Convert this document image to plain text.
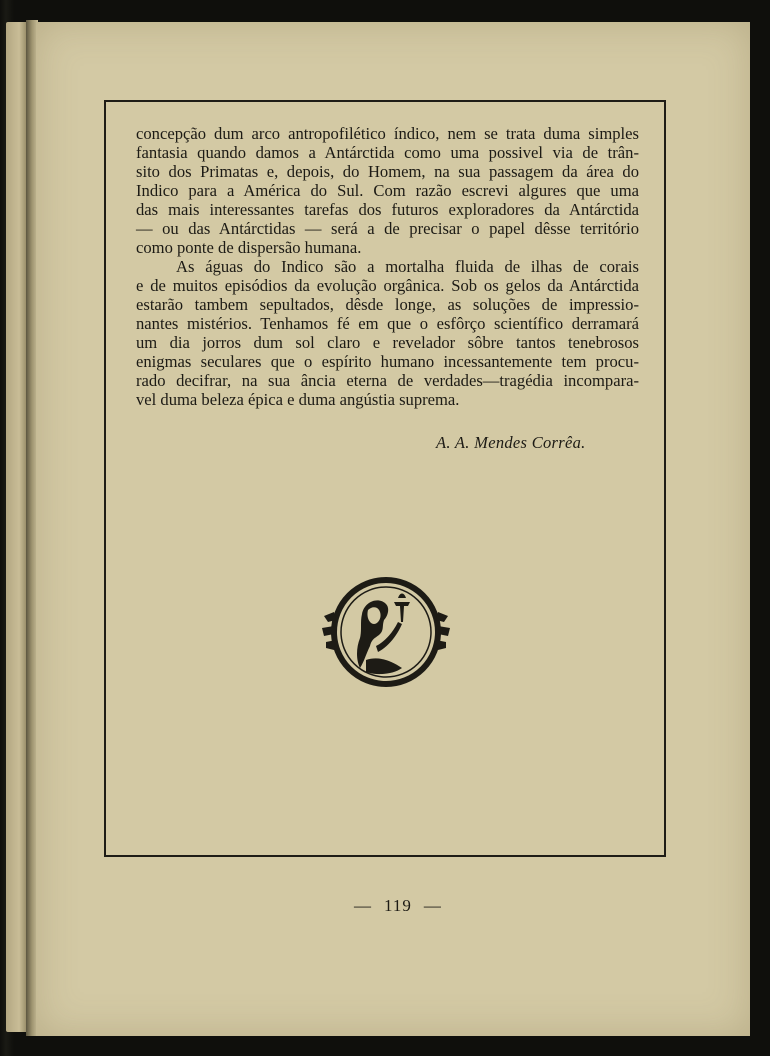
concepção dum arco antropofilético índico, nem se trata duma simples
fantasia quando damos a Antárctida como uma possivel via de trân-
sito dos Primatas e, depois, do Homem, na sua passagem da área do
Indico para a América do Sul. Com razão escrevi algures que uma
das mais interessantes tarefas dos futuros exploradores da Antárctida
— ou das Antárctidas — será a de precisar o papel dêsse território
como ponte de dispersão humana.
As águas do Indico são a mortalha fluida de ilhas de corais
e de muitos episódios da evolução orgânica. Sob os gelos da Antárctida
estarão tambem sepultados, dêsde longe, as soluções de impressio-
nantes mistérios. Tenhamos fé em que o esfôrço scientífico derramará
um dia jorros dum sol claro e revelador sôbre tantos tenebrosos
enigmas seculares que o espírito humano incessantemente tem procu-
rado decifrar, na sua ância eterna de verdades—tragédia incompara-
vel duma beleza épica e duma angústia suprema.
A. A. Mendes Corrêa.
— 119 —
